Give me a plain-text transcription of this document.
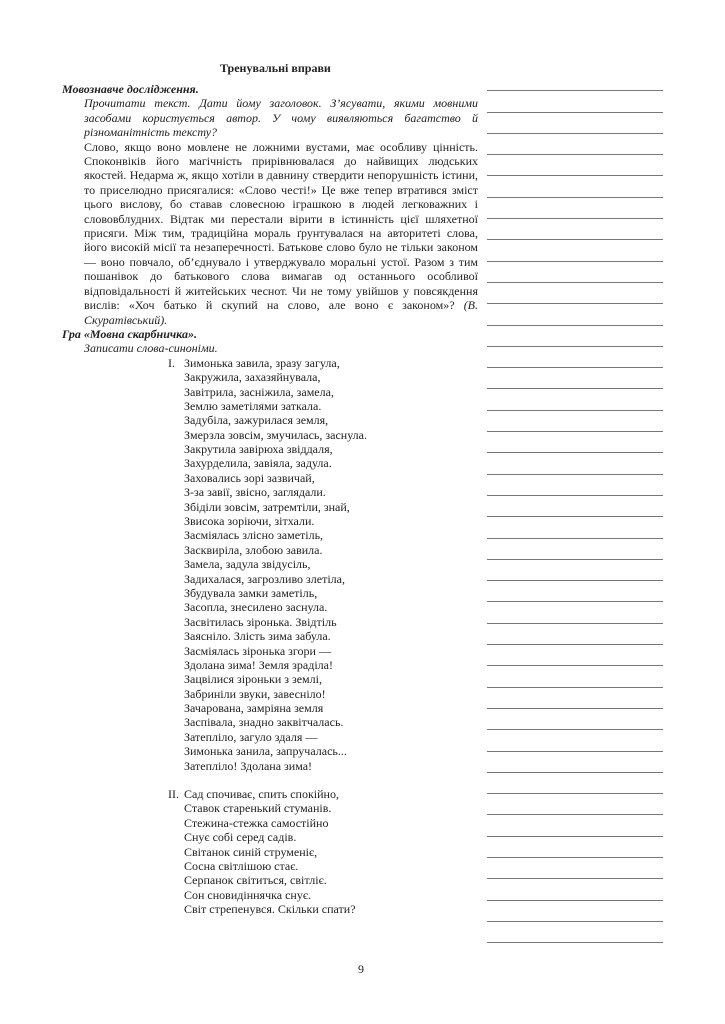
Тренувальні вправи
Мовознавче дослідження.
Прочитати текст. Дати йому заголовок. З’ясувати, якими мовними засобами користується автор. У чому виявляються багатство й різноманітність тексту?
Слово, якщо воно мовлене не ложними вустами, має особливу цінність. Споконвіків його магічність прирівнювалася до найвищих людських якостей. Недарма ж, якщо хотіли в давнину ствердити непорушність істини, то приселюдно присягалися: «Слово честі!» Це вже тепер втратився зміст цього вислову, бо ставав словесною іграшкою в людей легковажних і слововблудних. Відтак ми перестали вірити в істинність цієї шляхетної присяги. Між тим, традиційна мораль ґрунтувалася на авторитеті слова, його високій місії та незаперечності. Батькове слово було не тільки законом — воно повчало, об’єднувало і утверджувало моральні устої. Разом з тим пошанівок до батькового слова вимагав од останнього особливої відповідальності й житейських чеснот. Чи не тому увійшов у повсякдення вислів: «Хоч батько й скупий на слово, але воно є законом»? (В. Скуратівський).
Гра «Мовна скарбничка».
Записати слова-синоніми.
I. Зимонька завила, зразу загула,
Закружила, захазяйнувала,
Завітрила, засніжила, замела,
Землю заметілями заткала.
Задубіла, зажурилася земля,
Змерзла зовсім, змучилась, заснула.
Закрутила завірюха звіддаля,
Захурделила, завіяла, задула.
Заховались зорі зазвичай,
З-за завії, звісно, заглядали.
Збіділи зовсім, затремтіли, знай,
Звисока зоріючи, зітхали.
Засміялась злісно заметіль,
Засквиріла, злобою завила.
Замела, задула звідусіль,
Задихалася, загрозливо злетіла,
Збудувала замки заметіль,
Засопла, знесилено заснула.
Засвітилась зіронька. Звідтіль
Заясніло. Злість зима забула.
Засміялась зіронька згори —
Здолана зима! Земля зраділа!
Зацвілися зіроньки з землі,
Забриніли звуки, завесніло!
Зачарована, замріяна земля
Заспівала, знадно заквітчалась.
Затепліло, загуло здаля —
Зимонька занила, запручалась...
Затепліло! Здолана зима!
II. Сад спочиває, спить спокійно,
Ставок старенький стуманів.
Стежина-стежка самостійно
Снує собі серед садів.
Світанок синій струменіє,
Сосна світлішою стає.
Серпанок світиться, світліє.
Сон сновидіннячка снує.
Світ стрепенувся. Скільки спати?
9
